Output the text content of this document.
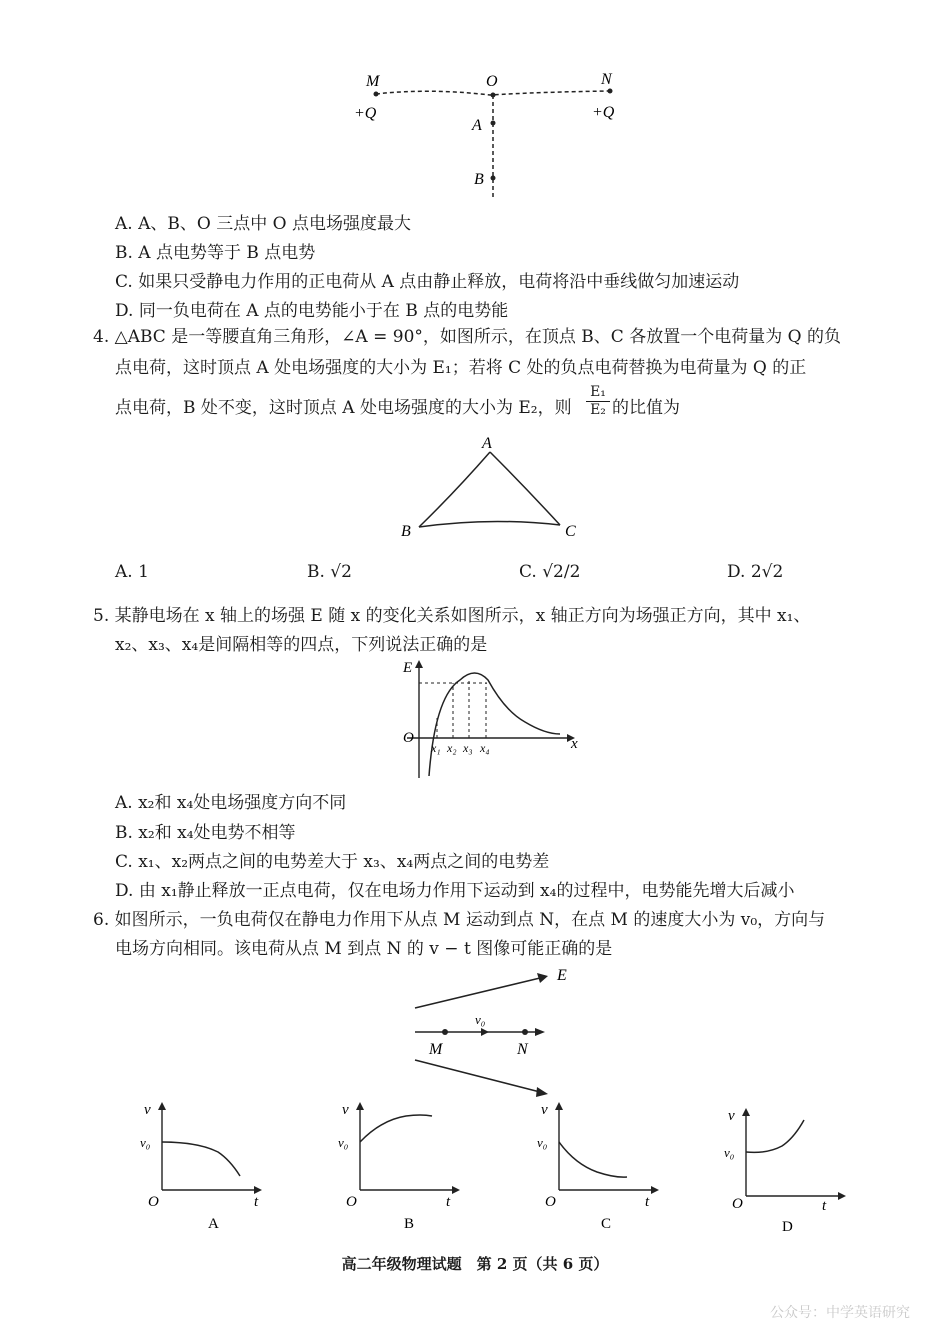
M	O	N
+Q	+Q
A
B
A. A、B、O 三点中 O 点电场强度最大
B. A 点电势等于 B 点电势
C. 如果只受静电力作用的正电荷从 A 点由静止释放，电荷将沿中垂线做匀加速运动
D. 同一负电荷在 A 点的电势能小于在 B 点的电势能
4. △ABC 是一等腰直角三角形，∠A = 90°，如图所示，在顶点 B、C 各放置一个电荷量为 Q 的负
点电荷，这时顶点 A 处电场强度的大小为 E₁；若将 C 处的负点电荷替换为电荷量为 Q 的正
点电荷，B 处不变，这时顶点 A 处电场强度的大小为 E₂，则 $\frac{\text{E₁}}{\text{E₂}}$ 的比值为
A
B	C
A. 1	B. √2	C. √2/2	D. 2√2
5. 某静电场在 x 轴上的场强 E 随 x 的变化关系如图所示，x 轴正方向为场强正方向，其中 x₁、
x₂、x₃、x₄是间隔相等的四点，下列说法正确的是
E
O	x
x₁ x₂ x₃ x₄
A. x₂和 x₄处电场强度方向不同
B. x₂和 x₄处电势不相等
C. x₁、x₂两点之间的电势差大于 x₃、x₄两点之间的电势差
D. 由 x₁静止释放一正点电荷，仅在电场力作用下运动到 x₄的过程中，电势能先增大后减小
6. 如图所示，一负电荷仅在静电力作用下从点 M 运动到点 N，在点 M 的速度大小为 v₀，方向与
电场方向相同。该电荷从点 M 到点 N 的 v − t 图像可能正确的是
E
v₀
M	N
v
v₀
O	t
A
v
v₀
O	t
B
v
v₀
O	t
C
v
v₀
O	t
D
高二年级物理试题　第 2 页（共 6 页）
公众号：中学英语研究
